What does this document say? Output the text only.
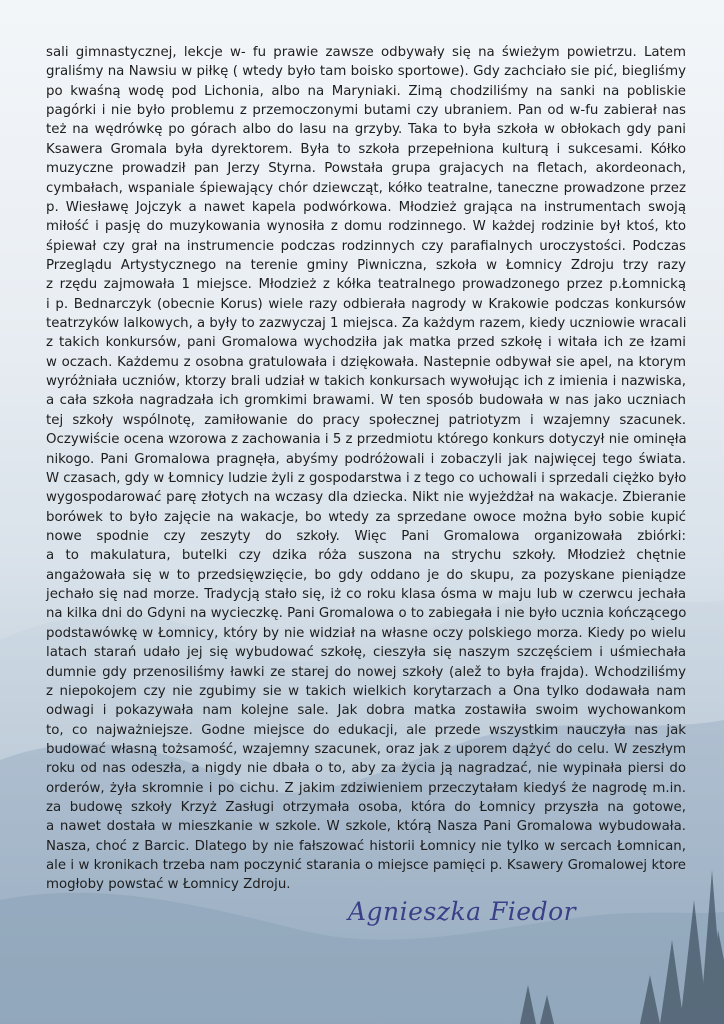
sali gimnastycznej, lekcje w- fu prawie zawsze odbywały się na świeżym powietrzu. Latem
graliśmy na Nawsiu w piłkę ( wtedy było tam boisko sportowe). Gdy zachciało sie pić, biegliśmy
po kwaśną wodę pod Lichonia, albo na Maryniaki. Zimą chodziliśmy na sanki na pobliskie
pagórki i nie było problemu z przemoczonymi butami czy ubraniem. Pan od w-fu zabierał nas
też na wędrówkę po górach albo do lasu na grzyby. Taka to była szkoła w obłokach gdy pani
Ksawera Gromala była dyrektorem. Była to szkoła przepełniona kulturą i sukcesami. Kółko
muzyczne prowadził pan Jerzy Styrna. Powstała grupa grajacych na fletach, akordeonach,
cymbałach, wspaniale śpiewający chór dziewcząt, kółko teatralne, taneczne prowadzone przez
p. Wiesławę Jojczyk a nawet kapela podwórkowa. Młodzież grająca na instrumentach swoją
miłość i pasję do muzykowania wynosiła z domu rodzinnego. W każdej rodzinie był ktoś, kto
śpiewał czy grał na instrumencie podczas rodzinnych czy parafialnych uroczystości. Podczas
Przeglądu Artystycznego na terenie gminy Piwniczna, szkoła w Łomnicy Zdroju trzy razy
z rzędu zajmowała 1 miejsce. Młodzież z kółka teatralnego prowadzonego przez p.Łomnicką
i p. Bednarczyk (obecnie Korus) wiele razy odbierała nagrody w Krakowie podczas konkursów
teatrzyków lalkowych, a były to zazwyczaj 1 miejsca. Za każdym razem, kiedy uczniowie wracali
z takich konkursów, pani Gromalowa wychodziła jak matka przed szkołę i witała ich ze łzami
w oczach. Każdemu z osobna gratulowała i dziękowała. Nastepnie odbywał sie apel, na ktorym
wyróżniała uczniów, ktorzy brali udział w takich konkursach wywołując ich z imienia i nazwiska,
a cała szkoła nagradzała ich gromkimi brawami. W ten sposób budowała w nas jako uczniach
tej szkoły wspólnotę, zamiłowanie do pracy społecznej patriotyzm i wzajemny szacunek.
Oczywiście ocena wzorowa z zachowania i 5 z przedmiotu którego konkurs dotyczył nie ominęła
nikogo. Pani Gromalowa pragnęła, abyśmy podróżowali i zobaczyli jak najwięcej tego świata.
W czasach, gdy w Łomnicy ludzie żyli z gospodarstwa i z tego co uchowali i sprzedali ciężko było
wygospodarować parę złotych na wczasy dla dziecka. Nikt nie wyjeżdżał na wakacje. Zbieranie
borówek to było zajęcie na wakacje, bo wtedy za sprzedane owoce można było sobie kupić
nowe spodnie czy zeszyty do szkoły. Więc Pani Gromalowa organizowała zbiórki:
a to makulatura, butelki czy dzika róża suszona na strychu szkoły. Młodzież chętnie
angażowała się w to przedsięwzięcie, bo gdy oddano je do skupu, za pozyskane pieniądze
jechało się nad morze. Tradycją stało się, iż co roku klasa ósma w maju lub w czerwcu jechała
na kilka dni do Gdyni na wycieczkę. Pani Gromalowa o to zabiegała i nie było ucznia kończącego
podstawówkę w Łomnicy, który by nie widział na własne oczy polskiego morza. Kiedy po wielu
latach starań udało jej się wybudować szkołę, cieszyła się naszym szczęściem i uśmiechała
dumnie gdy przenosiliśmy ławki ze starej do nowej szkoły (alež to była frajda). Wchodziliśmy
z niepokojem czy nie zgubimy sie w takich wielkich korytarzach a Ona tylko dodawała nam
odwagi i pokazywała nam kolejne sale. Jak dobra matka zostawiła swoim wychowankom
to, co najważniejsze. Godne miejsce do edukacji, ale przede wszystkim nauczyła nas jak
budować własną tożsamość, wzajemny szacunek, oraz jak z uporem dążyć do celu. W zeszłym
roku od nas odeszła, a nigdy nie dbała o to, aby za życia ją nagradzać, nie wypinała piersi do
orderów, żyła skromnie i po cichu. Z jakim zdziwieniem przeczytałam kiedyś że nagrodę m.in.
za budowę szkoły Krzyż Zasługi otrzymała osoba, która do Łomnicy przyszła na gotowe,
a nawet dostała w mieszkanie w szkole. W szkole, którą Nasza Pani Gromalowa wybudowała.
Nasza, choć z Barcic. Dlatego by nie fałszować historii Łomnicy nie tylko w sercach Łomnican,
ale i w kronikach trzeba nam poczynić starania o miejsce pamięci p. Ksawery Gromalowej ktore
mogłoby powstać w Łomnicy Zdroju.
Agnieszka Fiedor
